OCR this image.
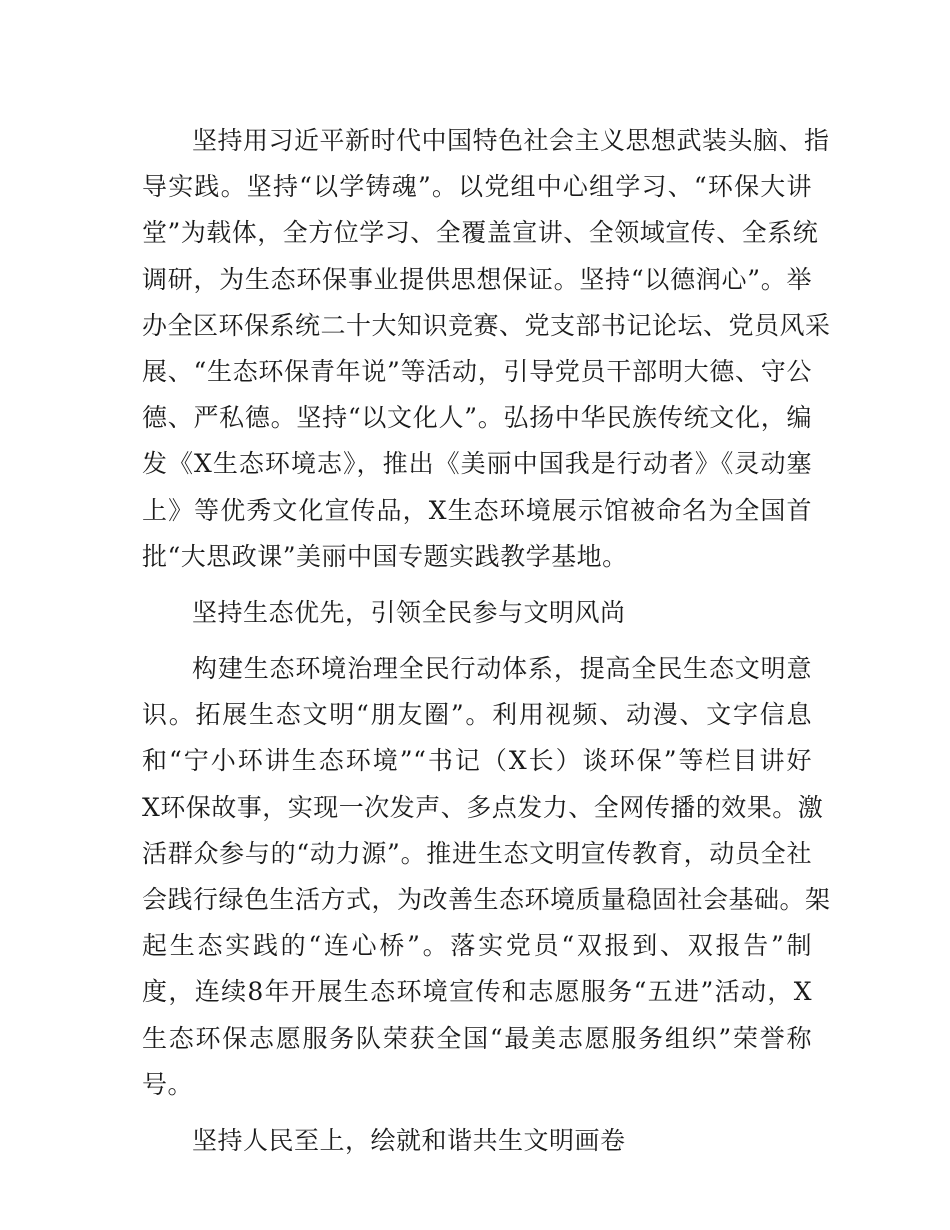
坚持用习近平新时代中国特色社会主义思想武装头脑、指
导实践。坚持“以学铸魂”。以党组中心组学习、“环保大讲
堂”为载体，全方位学习、全覆盖宣讲、全领域宣传、全系统
调研，为生态环保事业提供思想保证。坚持“以德润心”。举
办全区环保系统二十大知识竞赛、党支部书记论坛、党员风采
展、“生态环保青年说”等活动，引导党员干部明大德、守公
德、严私德。坚持“以文化人”。弘扬中华民族传统文化，编
发《X生态环境志》，推出《美丽中国我是行动者》《灵动塞
上》等优秀文化宣传品，X生态环境展示馆被命名为全国首
批“大思政课”美丽中国专题实践教学基地。
坚持生态优先，引领全民参与文明风尚
构建生态环境治理全民行动体系，提高全民生态文明意
识。拓展生态文明“朋友圈”。利用视频、动漫、文字信息
和“宁小环讲生态环境”“书记（X长）谈环保”等栏目讲好
X环保故事，实现一次发声、多点发力、全网传播的效果。激
活群众参与的“动力源”。推进生态文明宣传教育，动员全社
会践行绿色生活方式，为改善生态环境质量稳固社会基础。架
起生态实践的“连心桥”。落实党员“双报到、双报告”制
度，连续8年开展生态环境宣传和志愿服务“五进”活动，X
生态环保志愿服务队荣获全国“最美志愿服务组织”荣誉称
号。
坚持人民至上，绘就和谐共生文明画卷
